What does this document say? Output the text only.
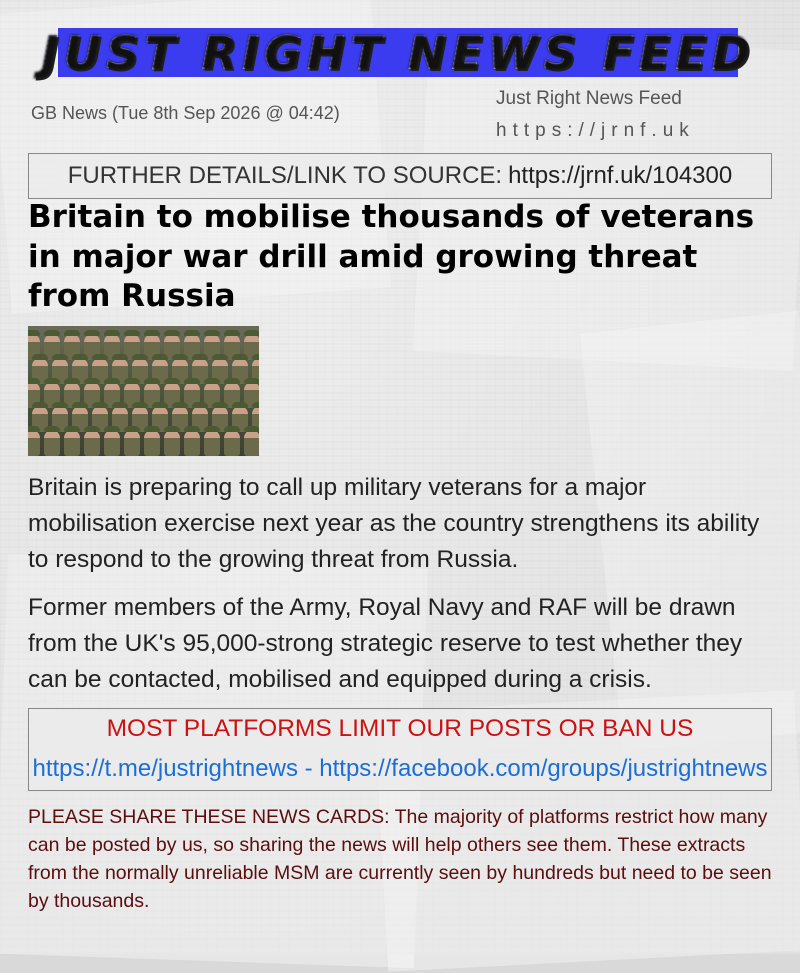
JUST RIGHT NEWS FEED
GB News (Tue 8th Sep 2026 @ 04:42)
Just Right News Feed
https://jrnf.uk
FURTHER DETAILS/LINK TO SOURCE: https://jrnf.uk/104300
Britain to mobilise thousands of veterans in major war drill amid growing threat from Russia

Britain is preparing to call up military veterans for a major mobilisation exercise next year as the country strengthens its ability to respond to the growing threat from Russia.

Former members of the Army, Royal Navy and RAF will be drawn from the UK's 95,000-strong strategic reserve to test whether they can be contacted, mobilised and equipped during a crisis.

MOST PLATFORMS LIMIT OUR POSTS OR BAN US
https://t.me/justrightnews - https://facebook.com/groups/justrightnews

PLEASE SHARE THESE NEWS CARDS: The majority of platforms restrict how many can be posted by us, so sharing the news will help others see them. These extracts from the normally unreliable MSM are currently seen by hundreds but need to be seen by thousands.
